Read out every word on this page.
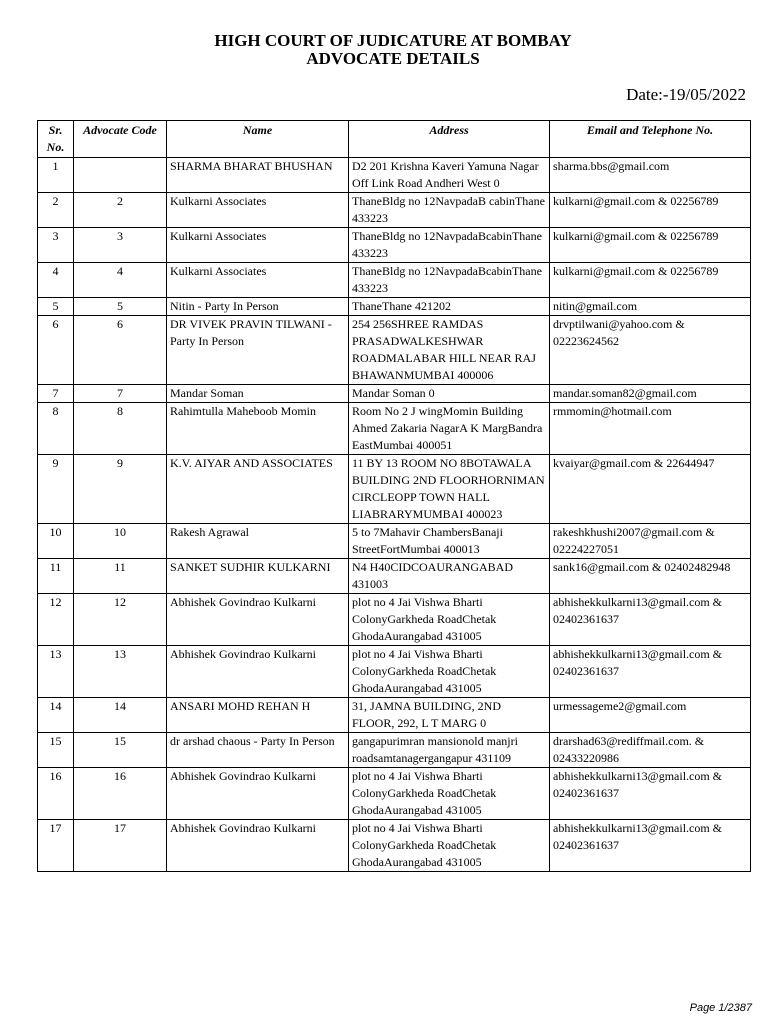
HIGH COURT OF JUDICATURE AT BOMBAY
ADVOCATE DETAILS
Date:-19/05/2022
Sr. No.	Advocate Code	Name	Address	Email and Telephone No.
1		SHARMA BHARAT BHUSHAN	D2 201 Krishna Kaveri Yamuna Nagar Off Link Road Andheri West 0	sharma.bbs@gmail.com
2	2	Kulkarni Associates	ThaneBldg no 12NavpadaB cabinThane 433223	kulkarni@gmail.com & 02256789
3	3	Kulkarni Associates	ThaneBldg no 12NavpadaBcabinThane 433223	kulkarni@gmail.com & 02256789
4	4	Kulkarni Associates	ThaneBldg no 12NavpadaBcabinThane 433223	kulkarni@gmail.com & 02256789
5	5	Nitin - Party In Person	ThaneThane 421202	nitin@gmail.com
6	6	DR VIVEK PRAVIN TILWANI - Party In Person	254 256SHREE RAMDAS PRASADWALKESHWAR ROADMALABAR HILL NEAR RAJ BHAWANMUMBAI 400006	drvptilwani@yahoo.com & 02223624562
7	7	Mandar Soman	Mandar Soman 0	mandar.soman82@gmail.com
8	8	Rahimtulla Maheboob Momin	Room No 2 J wingMomin Building Ahmed Zakaria NagarA K MargBandra EastMumbai 400051	rmmomin@hotmail.com
9	9	K.V. AIYAR AND ASSOCIATES	11 BY 13 ROOM NO 8BOTAWALA BUILDING 2ND FLOORHORNIMAN CIRCLEOPP TOWN HALL LIABRARYMUMBAI 400023	kvaiyar@gmail.com & 22644947
10	10	Rakesh Agrawal	5 to 7Mahavir ChambersBanaji StreetFortMumbai 400013	rakeshkhushi2007@gmail.com & 02224227051
11	11	SANKET SUDHIR KULKARNI	N4 H40CIDCOAURANGABAD 431003	sank16@gmail.com & 02402482948
12	12	Abhishek Govindrao Kulkarni	plot no 4 Jai Vishwa Bharti ColonyGarkheda RoadChetak GhodaAurangabad 431005	abhishekkulkarni13@gmail.com & 02402361637
13	13	Abhishek Govindrao Kulkarni	plot no 4 Jai Vishwa Bharti ColonyGarkheda RoadChetak GhodaAurangabad 431005	abhishekkulkarni13@gmail.com & 02402361637
14	14	ANSARI MOHD REHAN H	31, JAMNA BUILDING, 2ND FLOOR, 292, L T MARG 0	urmessageme2@gmail.com
15	15	dr arshad chaous - Party In Person	gangapurimran mansionold manjri roadsamtanagergangapur 431109	drarshad63@rediffmail.com. & 02433220986
16	16	Abhishek Govindrao Kulkarni	plot no 4 Jai Vishwa Bharti ColonyGarkheda RoadChetak GhodaAurangabad 431005	abhishekkulkarni13@gmail.com & 02402361637
17	17	Abhishek Govindrao Kulkarni	plot no 4 Jai Vishwa Bharti ColonyGarkheda RoadChetak GhodaAurangabad 431005	abhishekkulkarni13@gmail.com & 02402361637
Page 1/2387
